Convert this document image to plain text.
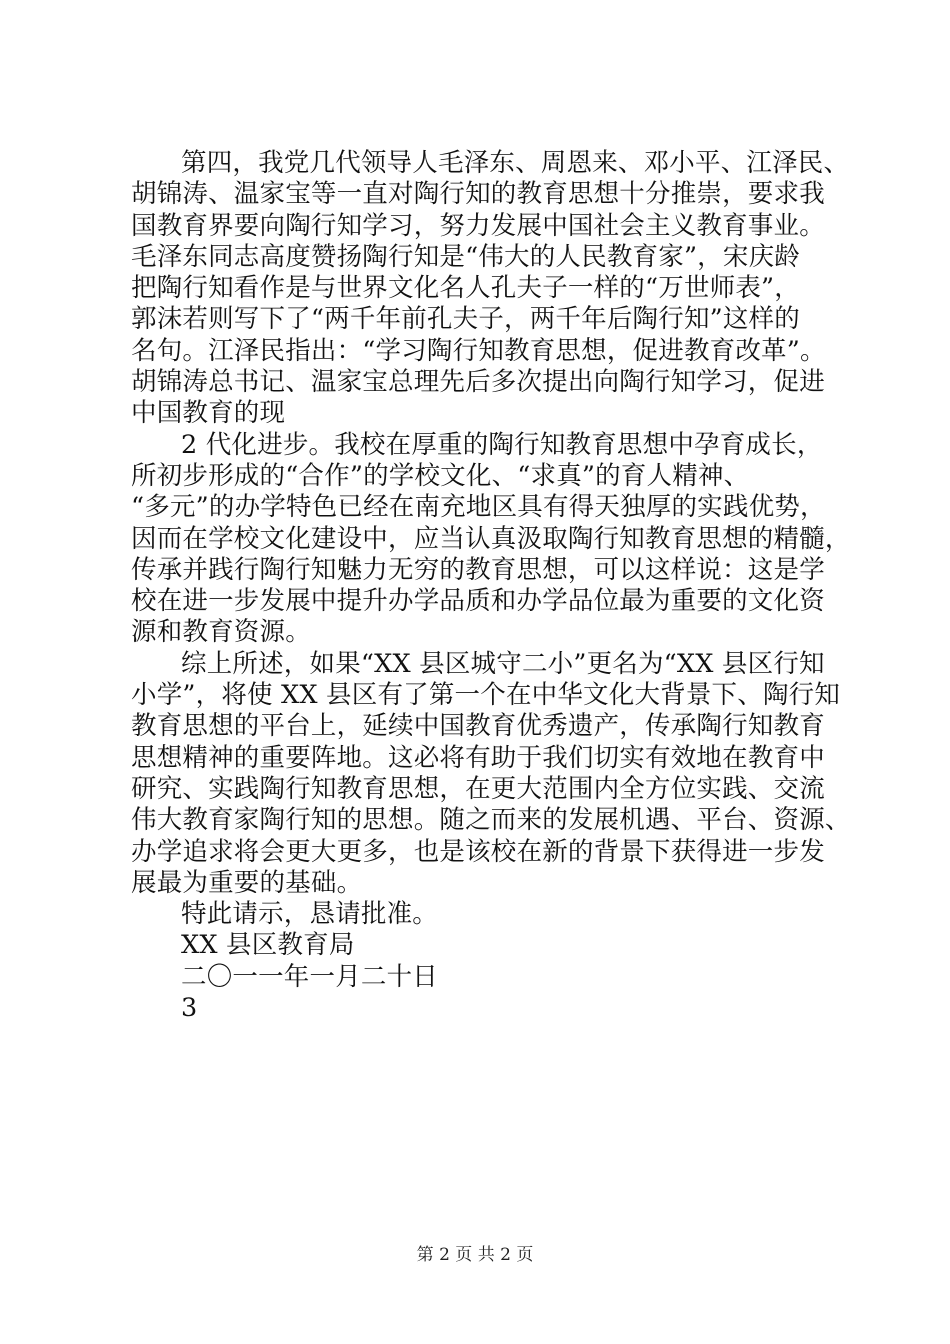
第四，我党几代领导人毛泽东、周恩来、邓小平、江泽民、
胡锦涛、温家宝等一直对陶行知的教育思想十分推崇，要求我
国教育界要向陶行知学习，努力发展中国社会主义教育事业。
毛泽东同志高度赞扬陶行知是“伟大的人民教育家”，宋庆龄
把陶行知看作是与世界文化名人孔夫子一样的“万世师表”，
郭沫若则写下了“两千年前孔夫子，两千年后陶行知”这样的
名句。江泽民指出：“学习陶行知教育思想，促进教育改革”。
胡锦涛总书记、温家宝总理先后多次提出向陶行知学习，促进
中国教育的现
2 代化进步。我校在厚重的陶行知教育思想中孕育成长，
所初步形成的“合作”的学校文化、“求真”的育人精神、
“多元”的办学特色已经在南充地区具有得天独厚的实践优势，
因而在学校文化建设中，应当认真汲取陶行知教育思想的精髓，
传承并践行陶行知魅力无穷的教育思想，可以这样说：这是学
校在进一步发展中提升办学品质和办学品位最为重要的文化资
源和教育资源。
综上所述，如果“XX 县区城守二小”更名为“XX 县区行知
小学”，将使 XX 县区有了第一个在中华文化大背景下、陶行知
教育思想的平台上，延续中国教育优秀遗产，传承陶行知教育
思想精神的重要阵地。这必将有助于我们切实有效地在教育中
研究、实践陶行知教育思想，在更大范围内全方位实践、交流
伟大教育家陶行知的思想。随之而来的发展机遇、平台、资源、
办学追求将会更大更多，也是该校在新的背景下获得进一步发
展最为重要的基础。
特此请示，恳请批准。
XX 县区教育局
二〇一一年一月二十日
3
第 2 页 共 2 页
